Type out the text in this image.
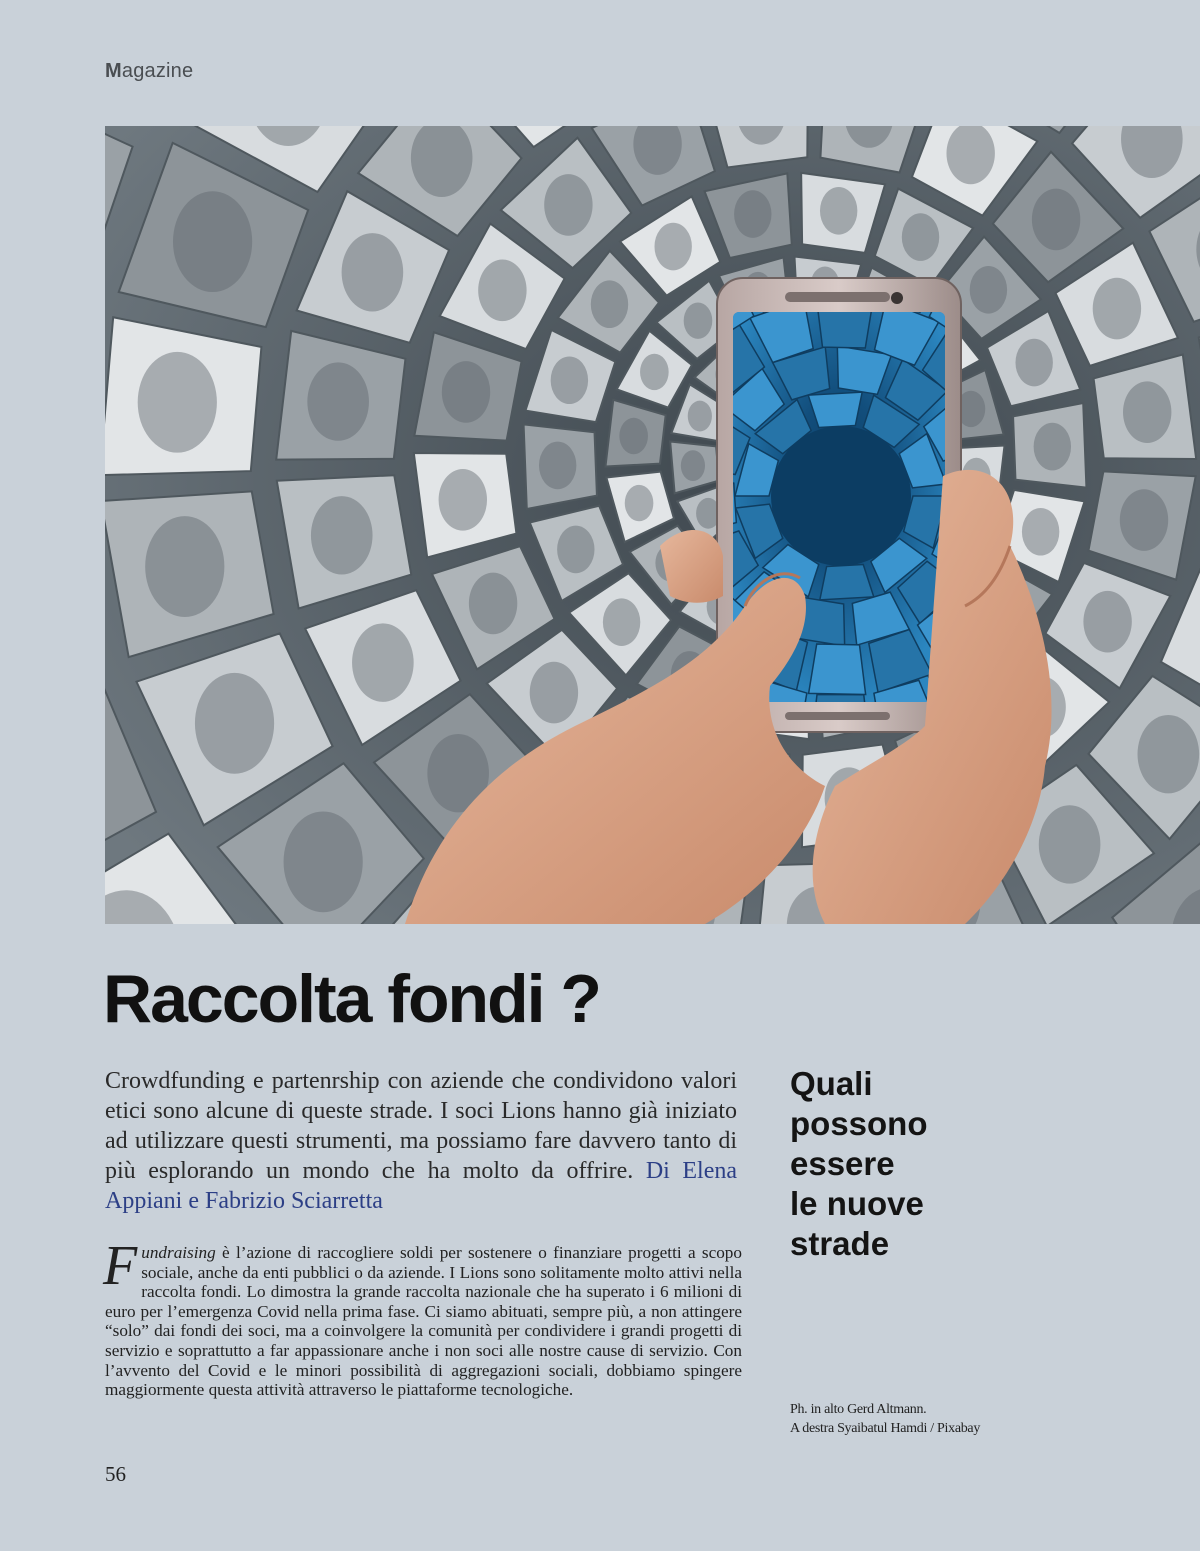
Magazine
Raccolta fondi ?

Crowdfunding e partenrship con aziende che condividono valori etici sono alcune di queste strade. I soci Lions hanno già iniziato ad utilizzare questi strumenti, ma possiamo fare davvero tanto di più esplorando un mondo che ha molto da offrire. Di Elena Appiani e Fabrizio Sciarretta

Fundraising è l’azione di raccogliere soldi per sostenere o finanziare progetti a scopo sociale, anche da enti pubblici o da aziende. I Lions sono solitamente molto attivi nella raccolta fondi. Lo dimostra la grande raccolta nazionale che ha superato i 6 milioni di euro per l’emergenza Covid nella prima fase. Ci siamo abituati, sempre più, a non attingere “solo” dai fondi dei soci, ma a coinvolgere la comunità per condividere i grandi progetti di servizio e soprattutto a far appassionare anche i non soci alle nostre cause di servizio. Con l’avvento del Covid e le minori possibilità di aggregazioni sociali, dobbiamo spingere maggiormente questa attività attraverso le piattaforme tecnologiche.

Quali
possono
essere
le nuove
strade
Ph. in alto Gerd Altmann.
A destra Syaibatul Hamdi / Pixabay
56
